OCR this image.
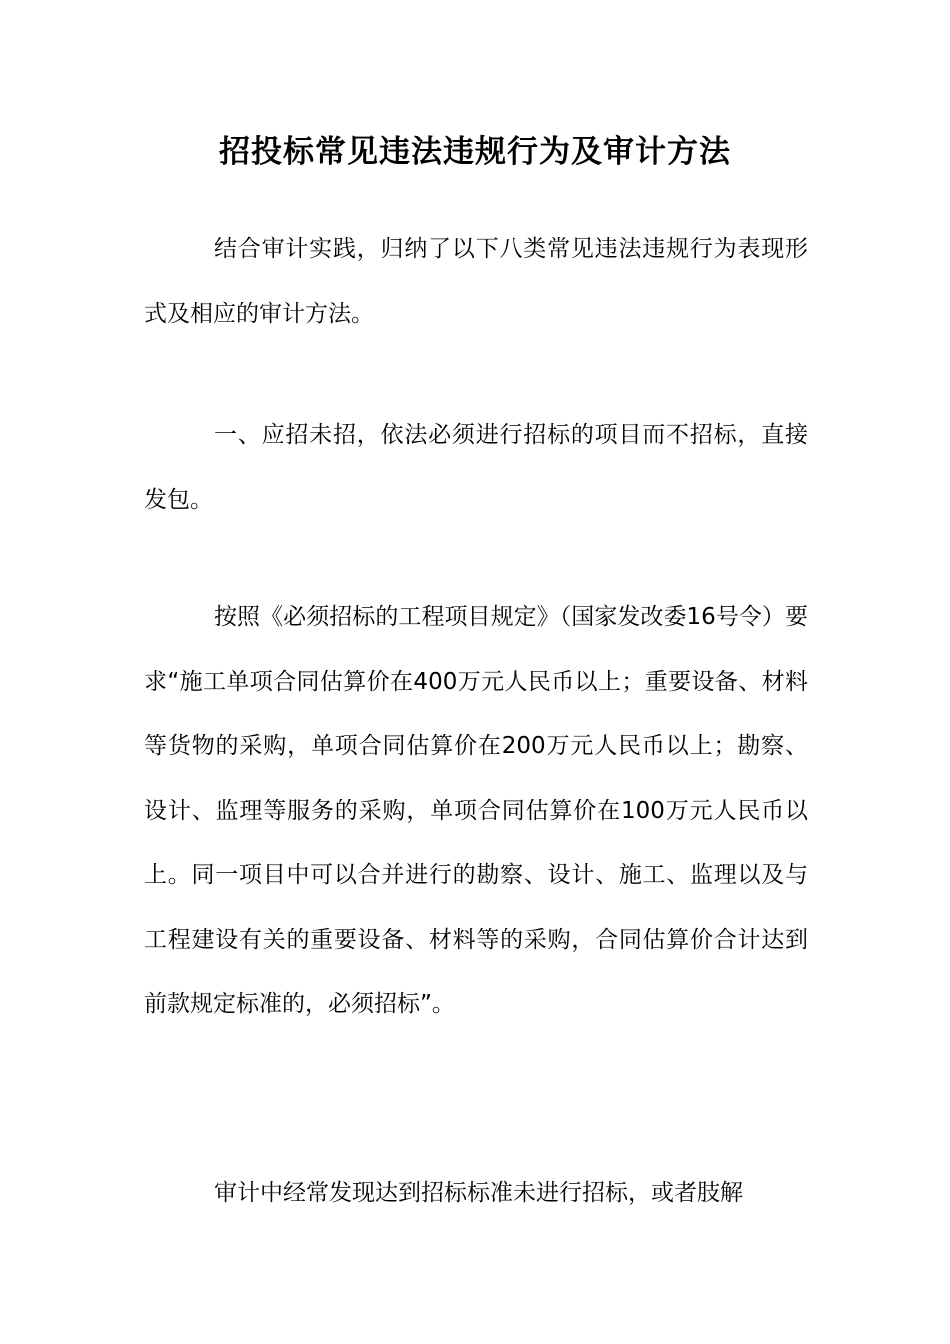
招投标常见违法违规行为及审计方法

结合审计实践，归纳了以下八类常见违法违规行为表现形式及相应的审计方法。

一、应招未招，依法必须进行招标的项目而不招标，直接发包。

按照《必须招标的工程项目规定》（国家发改委16号令）要求“施工单项合同估算价在400万元人民币以上；重要设备、材料等货物的采购，单项合同估算价在200万元人民币以上；勘察、设计、监理等服务的采购，单项合同估算价在100万元人民币以上。同一项目中可以合并进行的勘察、设计、施工、监理以及与工程建设有关的重要设备、材料等的采购，合同估算价合计达到前款规定标准的，必须招标”。

审计中经常发现达到招标标准未进行招标，或者肢解
